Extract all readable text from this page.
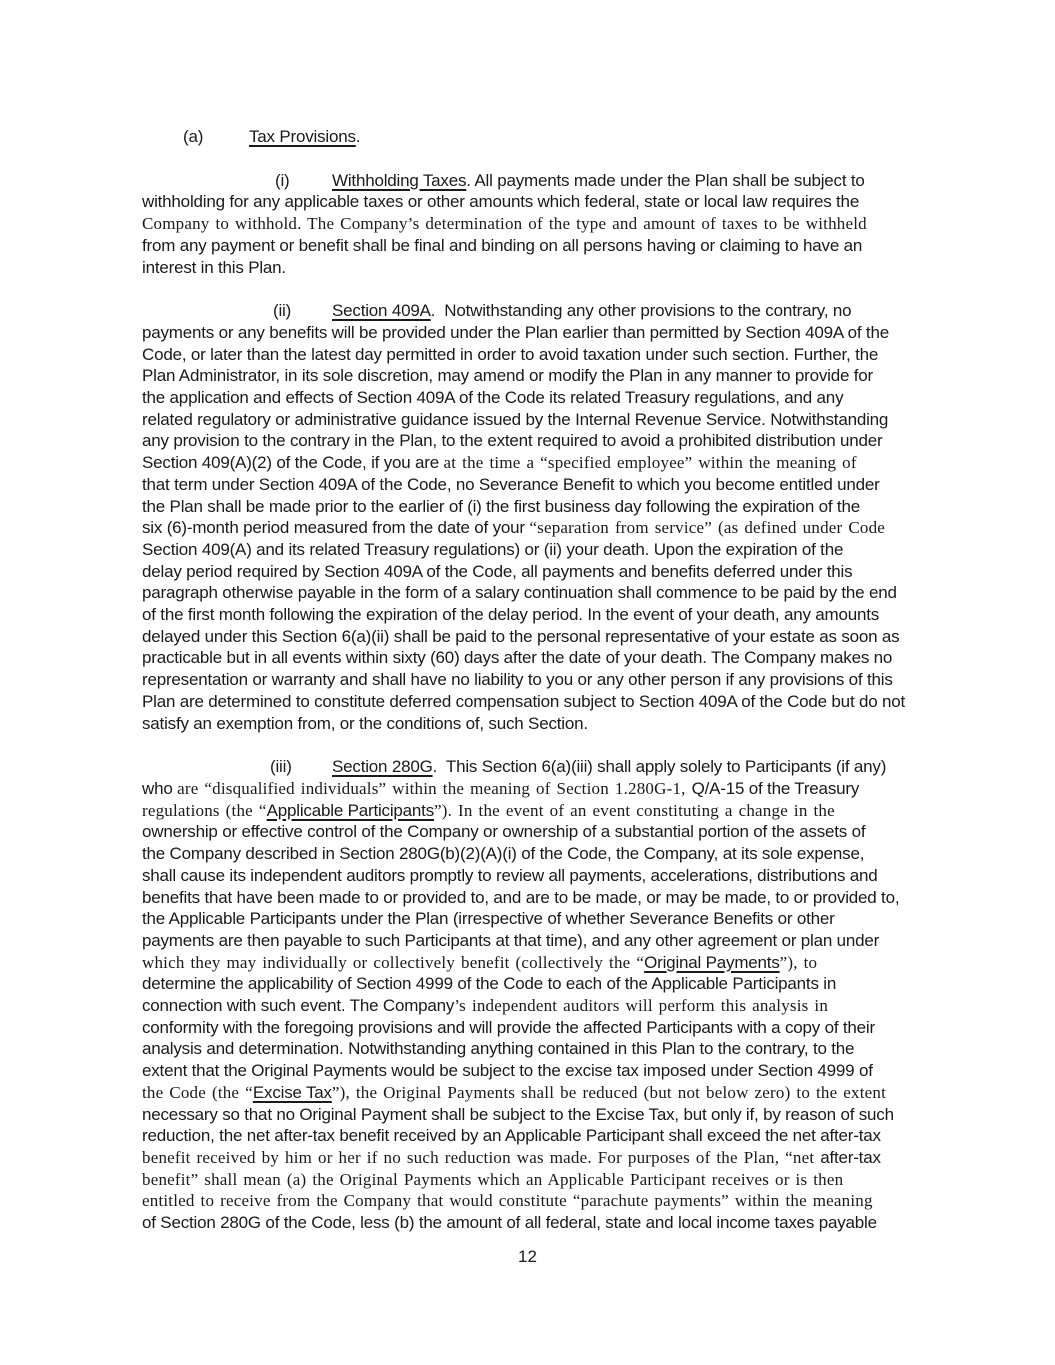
(a)	Tax Provisions.
(i)	Withholding Taxes. All payments made under the Plan shall be subject to
withholding for any applicable taxes or other amounts which federal, state or local law requires the
Company to withhold. The Company’s determination of the type and amount of taxes to be withheld
from any payment or benefit shall be final and binding on all persons having or claiming to have an
interest in this Plan.
(ii) Section 409A.  Notwithstanding any other provisions to the contrary, no
payments or any benefits will be provided under the Plan earlier than permitted by Section 409A of the
Code, or later than the latest day permitted in order to avoid taxation under such section. Further, the
Plan Administrator, in its sole discretion, may amend or modify the Plan in any manner to provide for
the application and effects of Section 409A of the Code its related Treasury regulations, and any
related regulatory or administrative guidance issued by the Internal Revenue Service. Notwithstanding
any provision to the contrary in the Plan, to the extent required to avoid a prohibited distribution under
Section 409(A)(2) of the Code, if you are at the time a “specified employee” within the meaning of
that term under Section 409A of the Code, no Severance Benefit to which you become entitled under
the Plan shall be made prior to the earlier of (i) the first business day following the expiration of the
six (6)-month period measured from the date of your “separation from service” (as defined under Code
Section 409(A) and its related Treasury regulations) or (ii) your death. Upon the expiration of the
delay period required by Section 409A of the Code, all payments and benefits deferred under this
paragraph otherwise payable in the form of a salary continuation shall commence to be paid by the end
of the first month following the expiration of the delay period. In the event of your death, any amounts
delayed under this Section 6(a)(ii) shall be paid to the personal representative of your estate as soon as
practicable but in all events within sixty (60) days after the date of your death. The Company makes no
representation or warranty and shall have no liability to you or any other person if any provisions of this
Plan are determined to constitute deferred compensation subject to Section 409A of the Code but do not
satisfy an exemption from, or the conditions of, such Section.
(iii) Section 280G.  This Section 6(a)(iii) shall apply solely to Participants (if any)
who are “disqualified individuals” within the meaning of Section 1.280G-1, Q/A-15 of the Treasury
regulations (the “Applicable Participants”). In the event of an event constituting a change in the
ownership or effective control of the Company or ownership of a substantial portion of the assets of
the Company described in Section 280G(b)(2)(A)(i) of the Code, the Company, at its sole expense,
shall cause its independent auditors promptly to review all payments, accelerations, distributions and
benefits that have been made to or provided to, and are to be made, or may be made, to or provided to,
the Applicable Participants under the Plan (irrespective of whether Severance Benefits or other
payments are then payable to such Participants at that time), and any other agreement or plan under
which they may individually or collectively benefit (collectively the “Original Payments”), to
determine the applicability of Section 4999 of the Code to each of the Applicable Participants in
connection with such event. The Company’s independent auditors will perform this analysis in
conformity with the foregoing provisions and will provide the affected Participants with a copy of their
analysis and determination. Notwithstanding anything contained in this Plan to the contrary, to the
extent that the Original Payments would be subject to the excise tax imposed under Section 4999 of
the Code (the “Excise Tax”), the Original Payments shall be reduced (but not below zero) to the extent
necessary so that no Original Payment shall be subject to the Excise Tax, but only if, by reason of such
reduction, the net after-tax benefit received by an Applicable Participant shall exceed the net after-tax
benefit received by him or her if no such reduction was made. For purposes of the Plan, “net after-tax
benefit” shall mean (a) the Original Payments which an Applicable Participant receives or is then
entitled to receive from the Company that would constitute “parachute payments” within the meaning
of Section 280G of the Code, less (b) the amount of all federal, state and local income taxes payable
12
